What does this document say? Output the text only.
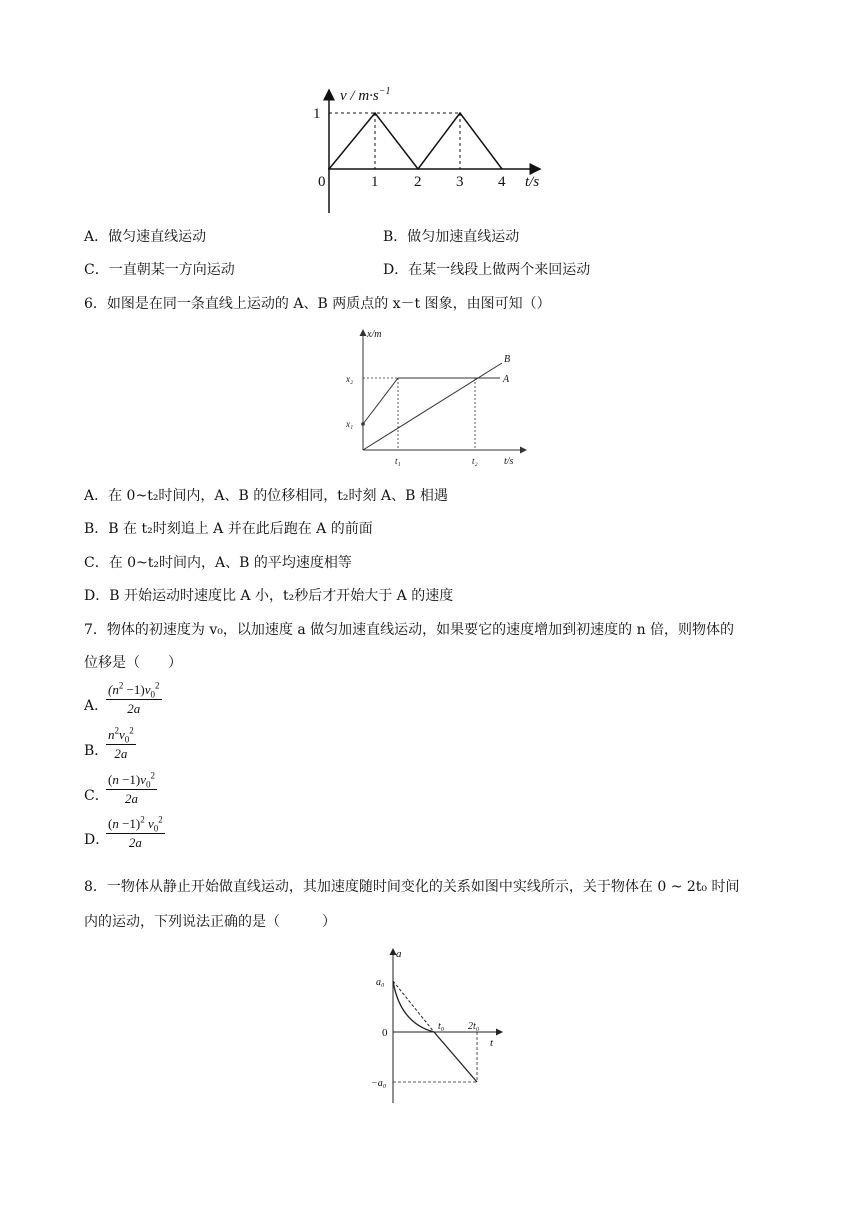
$v / m\cdot s^{-1}$
1
0	1 2 3 4 t/s
A．做匀速直线运动	B．做匀加速直线运动
C．一直朝某一方向运动	D．在某一线段上做两个来回运动
6．如图是在同一条直线上运动的 A、B 两质点的 x－t 图象，由图可知（）
x/m
x₂
x₁
t₁	t₂	t/s
A
B
A．在 0~t₂时间内，A、B 的位移相同，t₂时刻 A、B 相遇
B．B 在 t₂时刻追上 A 并在此后跑在 A 的前面
C．在 0~t₂时间内，A、B 的平均速度相等
D．B 开始运动时速度比 A 小，t₂秒后才开始大于 A 的速度
7．物体的初速度为 v₀，以加速度 a 做匀加速直线运动，如果要它的速度增加到初速度的 n 倍，则物体的
位移是（　　）
A．
$\frac{(n^2 -1)v_0^2}{2a}$
B．
$\frac{n^2v_0^2}{2a}$
C．
$\frac{(n -1)v_0^2}{2a}$
D．
$\frac{(n -1)^2 v_0^2}{2a}$
8．一物体从静止开始做直线运动，其加速度随时间变化的关系如图中实线所示，关于物体在 0 ~ 2t₀ 时间
内的运动，下列说法正确的是（　　　）
a
a₀
0
−a₀
t₀ 2t₀
t
